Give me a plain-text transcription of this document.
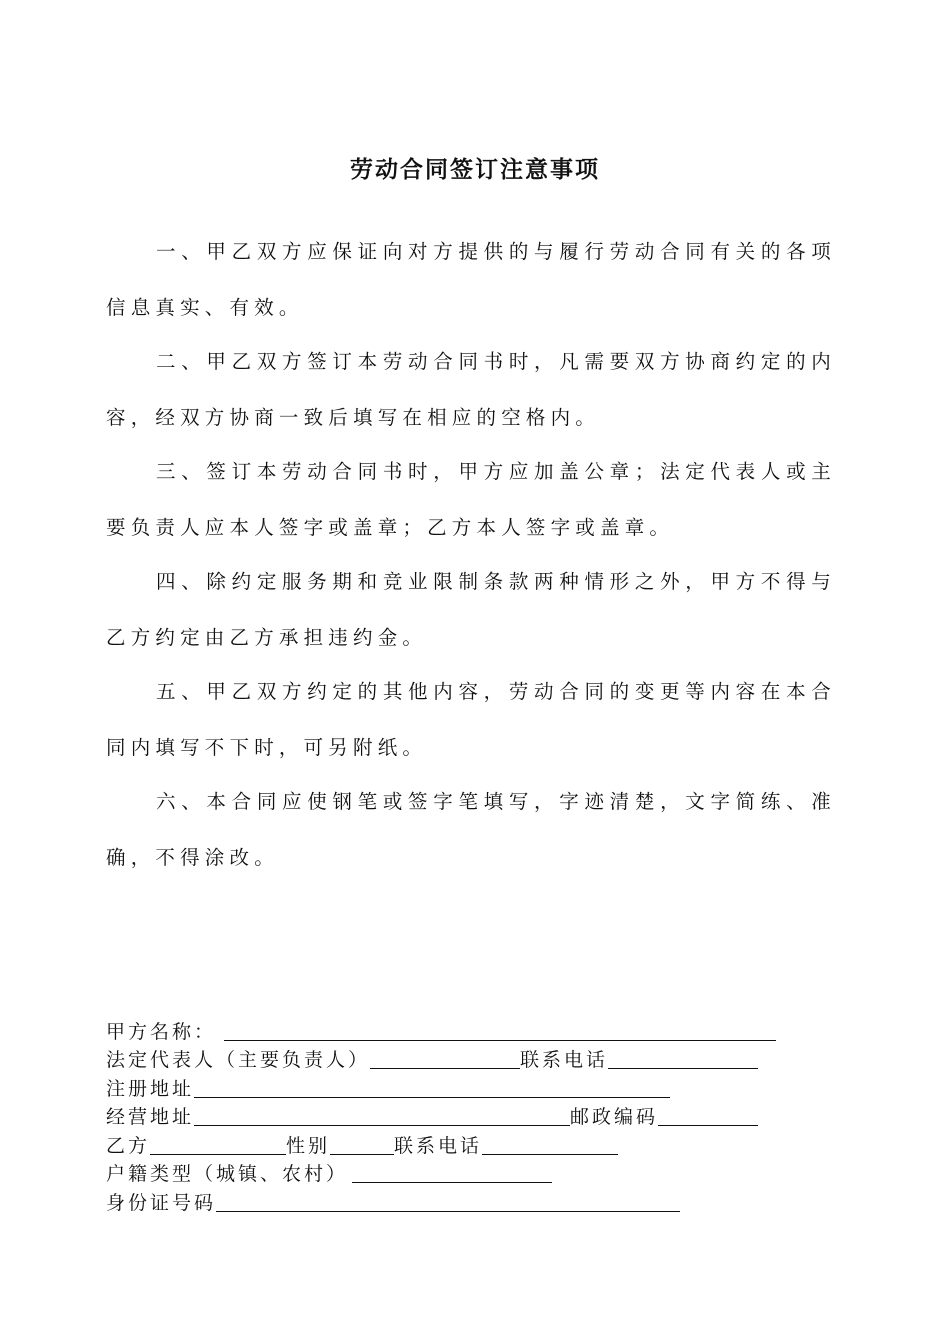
劳动合同签订注意事项

一、甲乙双方应保证向对方提供的与履行劳动合同有关的各项信息真实、有效。

二、甲乙双方签订本劳动合同书时，凡需要双方协商约定的内容，经双方协商一致后填写在相应的空格内。

三、签订本劳动合同书时，甲方应加盖公章；法定代表人或主要负责人应本人签字或盖章；乙方本人签字或盖章。

四、除约定服务期和竞业限制条款两种情形之外，甲方不得与乙方约定由乙方承担违约金。

五、甲乙双方约定的其他内容，劳动合同的变更等内容在本合同内填写不下时，可另附纸。

六、本合同应使钢笔或签字笔填写，字迹清楚，文字简练、准确，不得涂改。

甲方名称：
法定代表人（主要负责人）	联系电话
注册地址
经营地址	邮政编码
乙方	性别	联系电话
户籍类型（城镇、农村）
身份证号码
